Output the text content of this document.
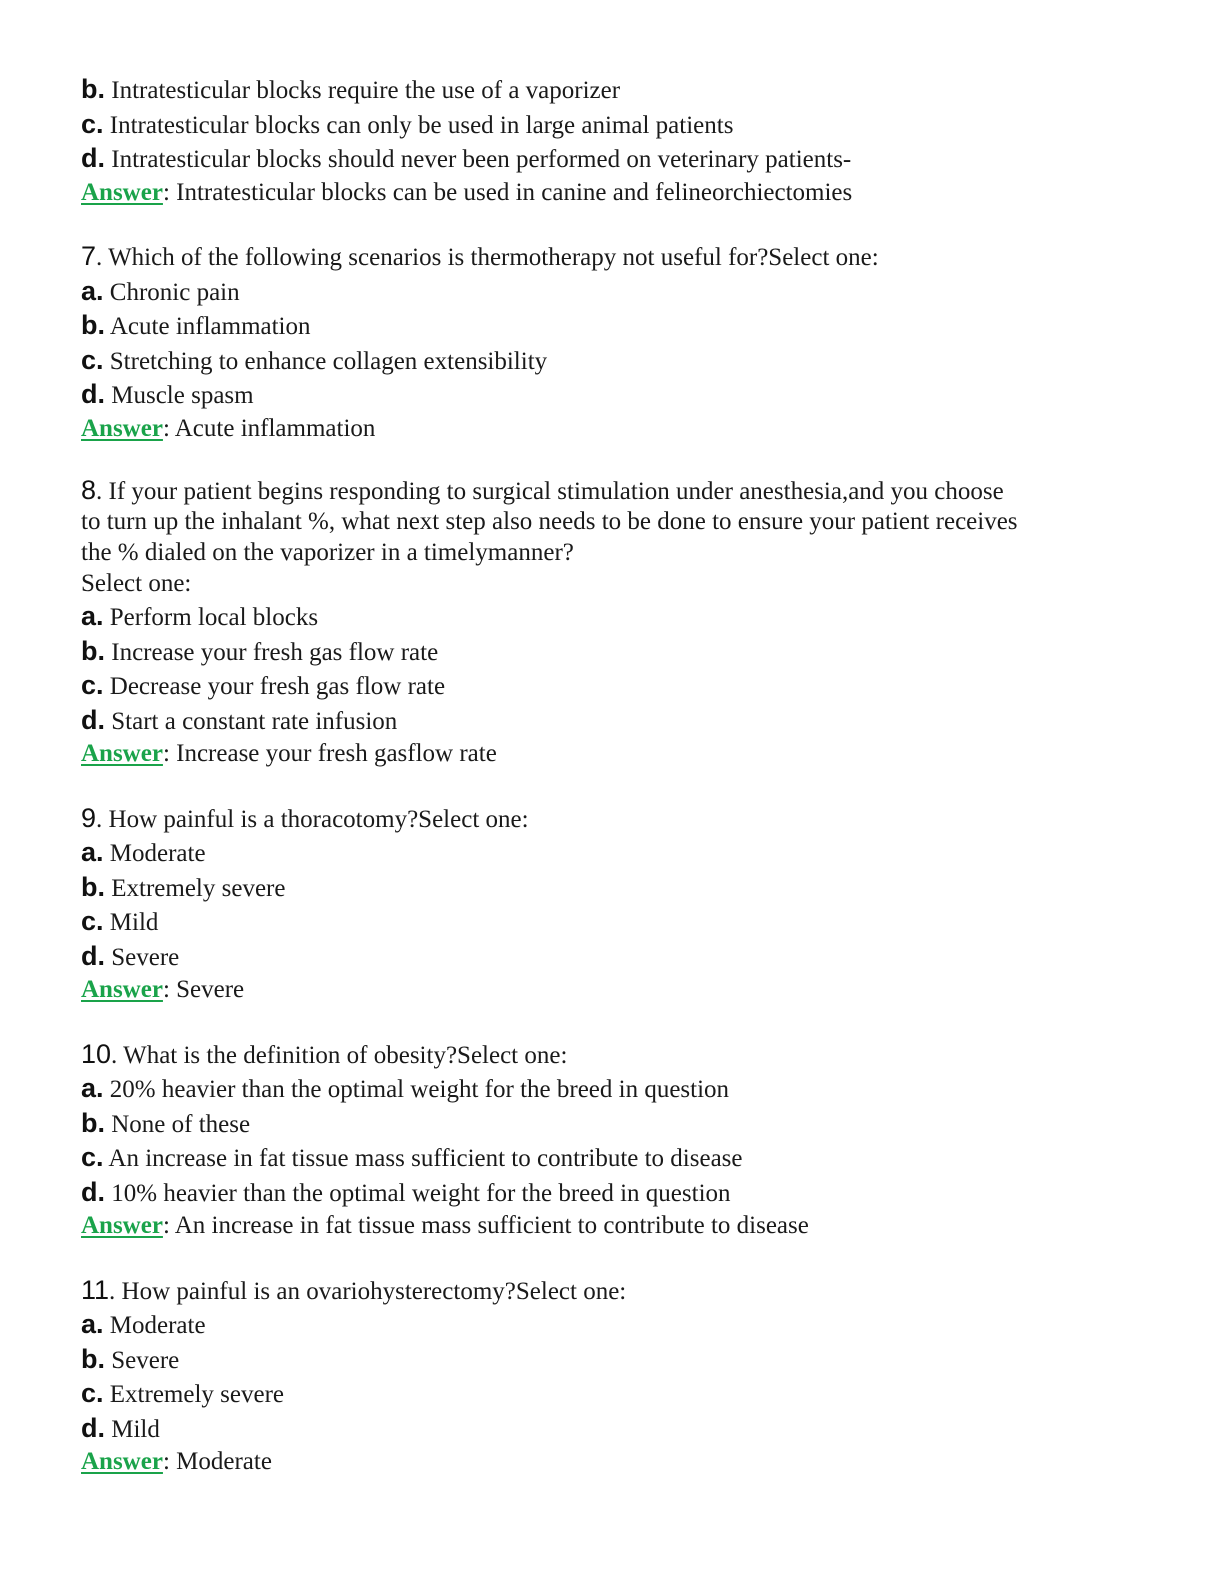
b. Intratesticular blocks require the use of a vaporizer
c. Intratesticular blocks can only be used in large animal patients
d. Intratesticular blocks should never been performed on veterinary patients-
Answer: Intratesticular blocks can be used in canine and felineorchiectomies
7. Which of the following scenarios is thermotherapy not useful for?Select one:
a. Chronic pain
b. Acute inflammation
c. Stretching to enhance collagen extensibility
d. Muscle spasm
Answer: Acute inflammation
8. If your patient begins responding to surgical stimulation under anesthesia,and you choose
to turn up the inhalant %, what next step also needs to be done to ensure your patient receives
the % dialed on the vaporizer in a timelymanner?
Select one:
a. Perform local blocks
b. Increase your fresh gas flow rate
c. Decrease your fresh gas flow rate
d. Start a constant rate infusion
Answer: Increase your fresh gasflow rate
9. How painful is a thoracotomy?Select one:
a. Moderate
b. Extremely severe
c. Mild
d. Severe
Answer: Severe
10. What is the definition of obesity?Select one:
a. 20% heavier than the optimal weight for the breed in question
b. None of these
c. An increase in fat tissue mass sufficient to contribute to disease
d. 10% heavier than the optimal weight for the breed in question
Answer: An increase in fat tissue mass sufficient to contribute to disease
11. How painful is an ovariohysterectomy?Select one:
a. Moderate
b. Severe
c. Extremely severe
d. Mild
Answer: Moderate
